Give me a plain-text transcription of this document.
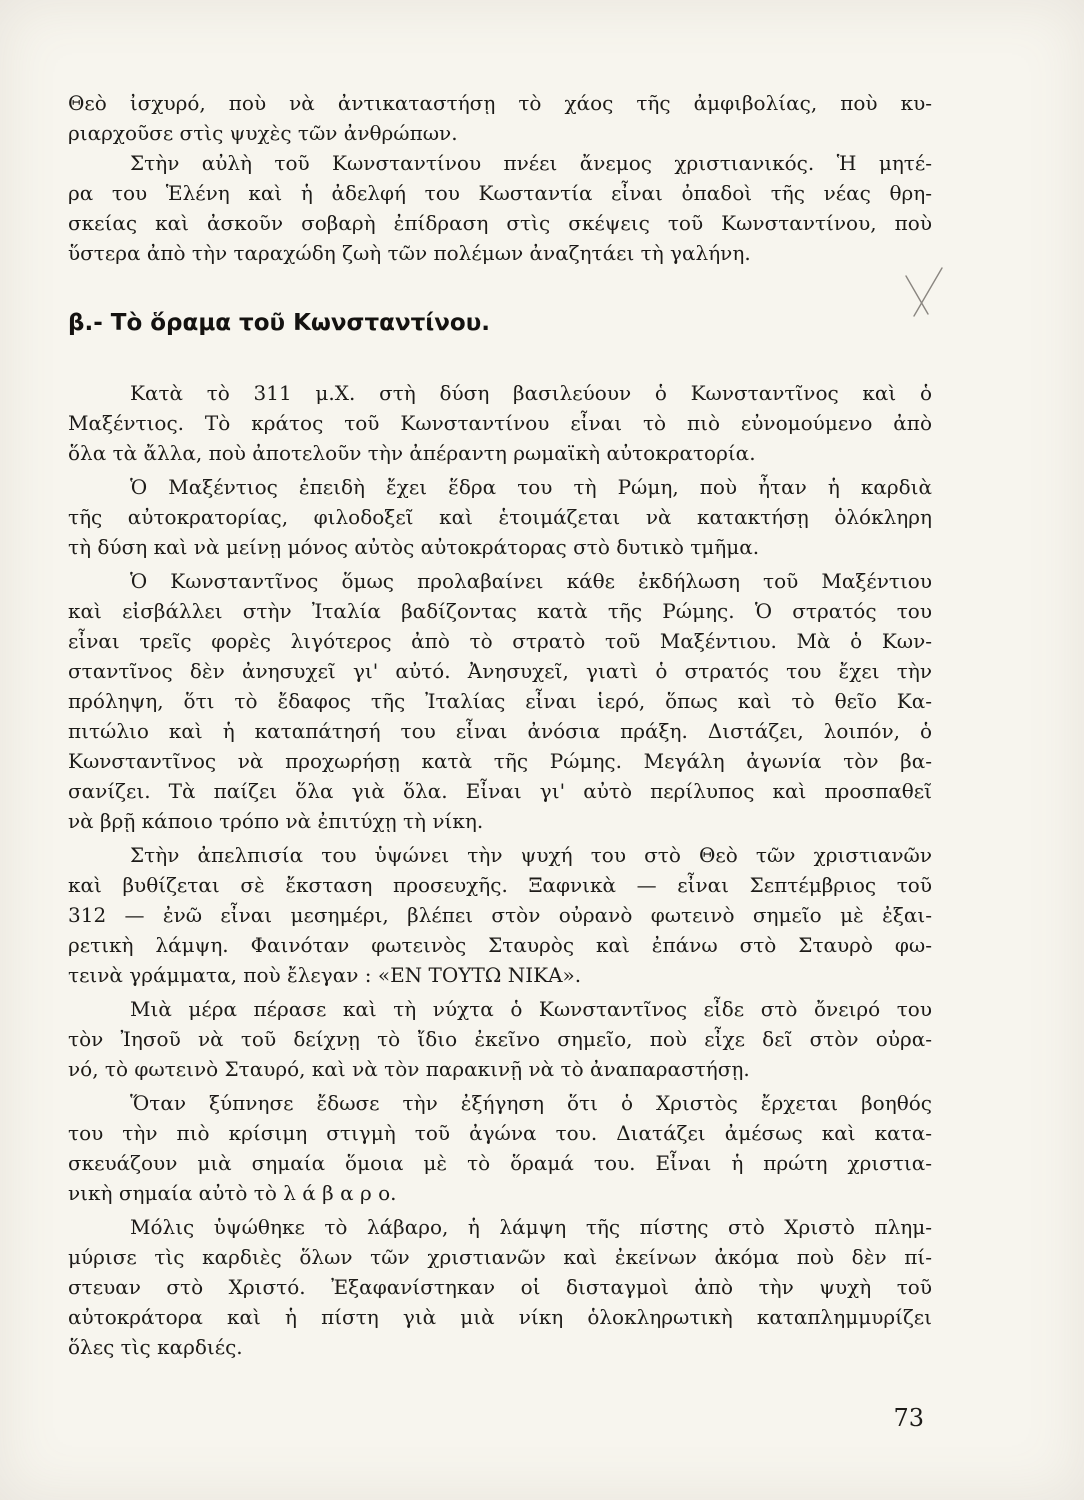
Θεὸ ἰσχυρό, ποὺ νὰ ἀντικαταστήσῃ τὸ χάος τῆς ἀμφιβολίας, ποὺ κυ-
ριαρχοῦσε στὶς ψυχὲς τῶν ἀνθρώπων.
Στὴν αὐλὴ τοῦ Κωνσταντίνου πνέει ἄνεμος χριστιανικός. Ἡ μητέ-
ρα του Ἑλένη καὶ ἡ ἀδελφή του Κωσταντία εἶναι ὀπαδοὶ τῆς νέας θρη-
σκείας καὶ ἀσκοῦν σοβαρὴ ἐπίδραση στὶς σκέψεις τοῦ Κωνσταντίνου, ποὺ
ὕστερα ἀπὸ τὴν ταραχώδη ζωὴ τῶν πολέμων ἀναζητάει τὴ γαλήνη.
β.- Τὸ ὅραμα τοῦ Κωνσταντίνου.
Κατὰ τὸ 311 μ.Χ. στὴ δύση βασιλεύουν ὁ Κωνσταντῖνος καὶ ὁ
Μαξέντιος. Τὸ κράτος τοῦ Κωνσταντίνου εἶναι τὸ πιὸ εὐνομούμενο ἀπὸ
ὅλα τὰ ἄλλα, ποὺ ἀποτελοῦν τὴν ἀπέραντη ρωμαϊκὴ αὐτοκρατορία.
Ὁ Μαξέντιος ἐπειδὴ ἔχει ἕδρα του τὴ Ρώμη, ποὺ ἦταν ἡ καρδιὰ
τῆς αὐτοκρατορίας, φιλοδοξεῖ καὶ ἑτοιμάζεται νὰ κατακτήσῃ ὁλόκληρη
τὴ δύση καὶ νὰ μείνῃ μόνος αὐτὸς αὐτοκράτορας στὸ δυτικὸ τμῆμα.
Ὁ Κωνσταντῖνος ὅμως προλαβαίνει κάθε ἐκδήλωση τοῦ Μαξέντιου
καὶ εἰσβάλλει στὴν Ἰταλία βαδίζοντας κατὰ τῆς Ρώμης. Ὁ στρατός του
εἶναι τρεῖς φορὲς λιγότερος ἀπὸ τὸ στρατὸ τοῦ Μαξέντιου. Μὰ ὁ Κων-
σταντῖνος δὲν ἀνησυχεῖ γι' αὐτό. Ἀνησυχεῖ, γιατὶ ὁ στρατός του ἔχει τὴν
πρόληψη, ὅτι τὸ ἔδαφος τῆς Ἰταλίας εἶναι ἱερό, ὅπως καὶ τὸ θεῖο Κα-
πιτώλιο καὶ ἡ καταπάτησή του εἶναι ἀνόσια πράξη. Διστάζει, λοιπόν, ὁ
Κωνσταντῖνος νὰ προχωρήσῃ κατὰ τῆς Ρώμης. Μεγάλη ἀγωνία τὸν βα-
σανίζει. Τὰ παίζει ὅλα γιὰ ὅλα. Εἶναι γι' αὐτὸ περίλυπος καὶ προσπαθεῖ
νὰ βρῇ κάποιο τρόπο νὰ ἐπιτύχῃ τὴ νίκη.
Στὴν ἀπελπισία του ὑψώνει τὴν ψυχή του στὸ Θεὸ τῶν χριστιανῶν
καὶ βυθίζεται σὲ ἔκσταση προσευχῆς. Ξαφνικὰ — εἶναι Σεπτέμβριος τοῦ
312 — ἐνῶ εἶναι μεσημέρι, βλέπει στὸν οὐρανὸ φωτεινὸ σημεῖο μὲ ἐξαι-
ρετικὴ λάμψη. Φαινόταν φωτεινὸς Σταυρὸς καὶ ἐπάνω στὸ Σταυρὸ φω-
τεινὰ γράμματα, ποὺ ἔλεγαν : «ΕΝ ΤΟΥΤΩ ΝΙΚΑ».
Μιὰ μέρα πέρασε καὶ τὴ νύχτα ὁ Κωνσταντῖνος εἶδε στὸ ὄνειρό του
τὸν Ἰησοῦ νὰ τοῦ δείχνῃ τὸ ἴδιο ἐκεῖνο σημεῖο, ποὺ εἶχε δεῖ στὸν οὐρα-
νό, τὸ φωτεινὸ Σταυρό, καὶ νὰ τὸν παρακινῇ νὰ τὸ ἀναπαραστήσῃ.
Ὅταν ξύπνησε ἔδωσε τὴν ἐξήγηση ὅτι ὁ Χριστὸς ἔρχεται βοηθός
του τὴν πιὸ κρίσιμη στιγμὴ τοῦ ἀγώνα του. Διατάζει ἀμέσως καὶ κατα-
σκευάζουν μιὰ σημαία ὅμοια μὲ τὸ ὅραμά του. Εἶναι ἡ πρώτη χριστια-
νικὴ σημαία αὐτὸ τὸ λ ά β α ρ ο.
Μόλις ὑψώθηκε τὸ λάβαρο, ἡ λάμψη τῆς πίστης στὸ Χριστὸ πλημ-
μύρισε τὶς καρδιὲς ὅλων τῶν χριστιανῶν καὶ ἐκείνων ἀκόμα ποὺ δὲν πί-
στευαν στὸ Χριστό. Ἐξαφανίστηκαν οἱ δισταγμοὶ ἀπὸ τὴν ψυχὴ τοῦ
αὐτοκράτορα καὶ ἡ πίστη γιὰ μιὰ νίκη ὁλοκληρωτικὴ καταπλημμυρίζει
ὅλες τὶς καρδιές.
73
